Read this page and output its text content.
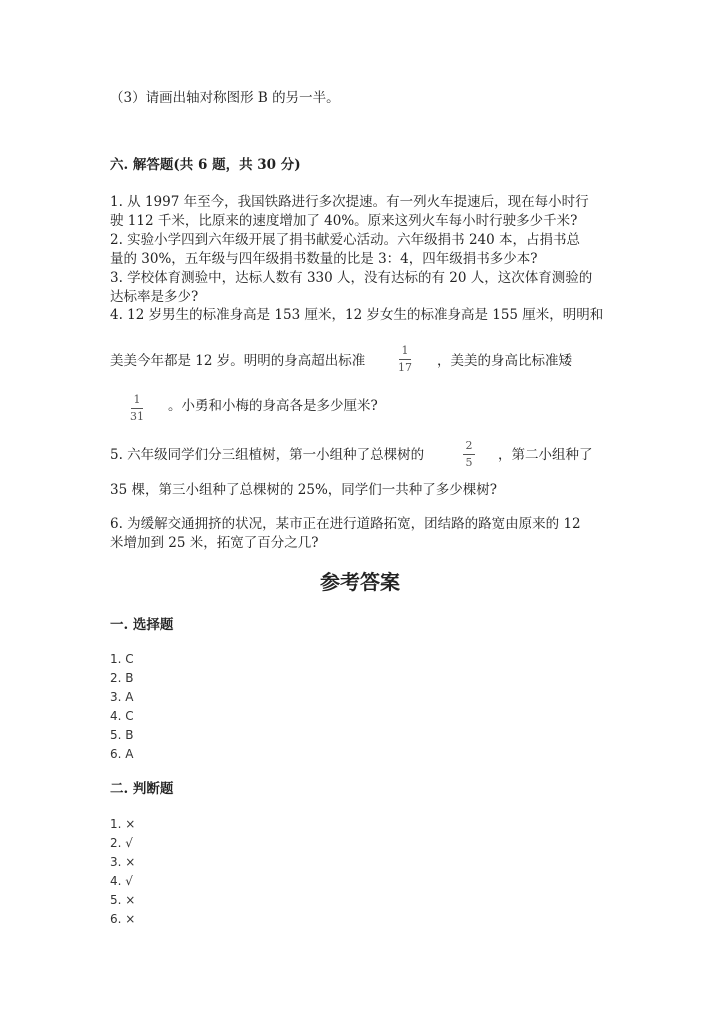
（3）请画出轴对称图形 B 的另一半。
六. 解答题(共 6 题，共 30 分)
1. 从 1997 年至今，我国铁路进行多次提速。有一列火车提速后，现在每小时行
驶 112 千米，比原来的速度增加了 40%。原来这列火车每小时行驶多少千米?
2. 实验小学四到六年级开展了捐书献爱心活动。六年级捐书 240 本，占捐书总
量的 30%，五年级与四年级捐书数量的比是 3：4，四年级捐书多少本?
3. 学校体育测验中，达标人数有 330 人，没有达标的有 20 人，这次体育测验的
达标率是多少?
4. 12 岁男生的标准身高是 153 厘米，12 岁女生的标准身高是 155 厘米，明明和
美美今年都是 12 岁。明明的身高超出标准
1
17 ，美美的身高比标准矮
1
31
。小勇和小梅的身高各是多少厘米?
5. 六年级同学们分三组植树，第一小组种了总棵树的
2
5 ，第二小组种了
35 棵，第三小组种了总棵树的 25%，同学们一共种了多少棵树?
6. 为缓解交通拥挤的状况，某市正在进行道路拓宽，团结路的路宽由原来的 12
米增加到 25 米，拓宽了百分之几?
参考答案
一. 选择题
1. C
2. B
3. A
4. C
5. B
6. A
二. 判断题
1. ×
2. √
3. ×
4. √
5. ×
6. ×
